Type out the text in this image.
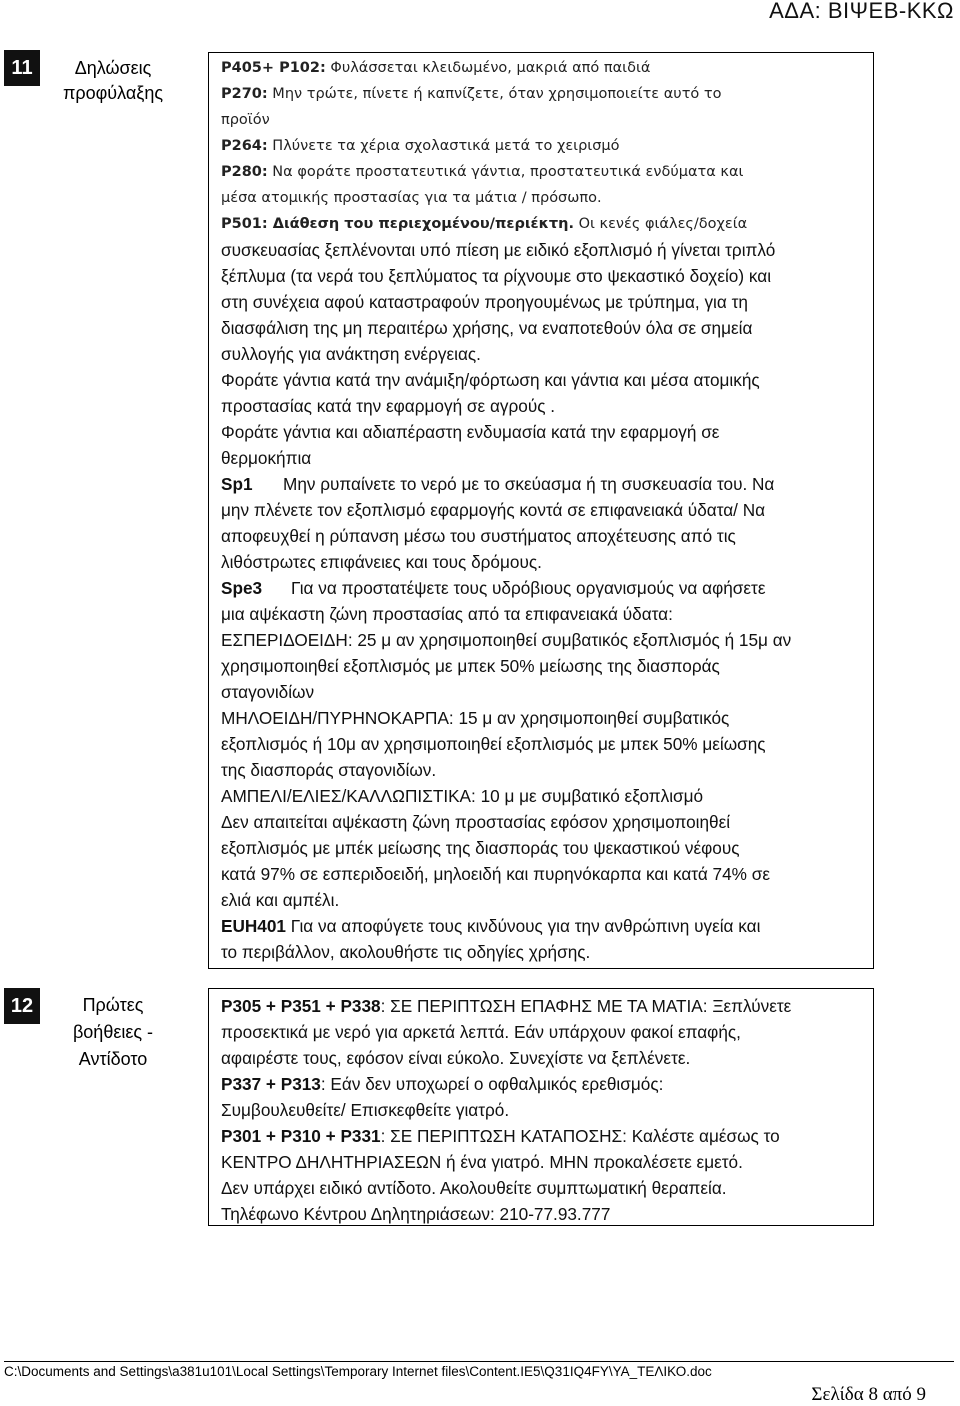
ΑΔΑ: ΒΙΨΕΒ-ΚΚΩ
11	Δηλώσεις
προφύλαξης
P405+ P102: Φυλάσσεται κλειδωμένο, μακριά από παιδιά
P270: Μην τρώτε, πίνετε ή καπνίζετε, όταν χρησιμοποιείτε αυτό το
προϊόν
P264: Πλύνετε τα χέρια σχολαστικά μετά το χειρισμό
P280: Να φοράτε προστατευτικά γάντια, προστατευτικά ενδύματα και
μέσα ατομικής προστασίας για τα μάτια / πρόσωπο.
P501: Διάθεση του περιεχομένου/περιέκτη. Οι κενές φιάλες/δοχεία
συσκευασίας ξεπλένονται υπό πίεση με ειδικό εξοπλισμό ή γίνεται τριπλό
ξέπλυμα (τα νερά του ξεπλύματος τα ρίχνουμε στο ψεκαστικό δοχείο) και
στη συνέχεια αφού καταστραφούν προηγουμένως με τρύπημα, για τη
διασφάλιση της μη περαιτέρω χρήσης, να εναποτεθούν όλα σε σημεία
συλλογής για ανάκτηση ενέργειας.
Φοράτε γάντια κατά την ανάμιξη/φόρτωση και γάντια και μέσα ατομικής
προστασίας κατά την εφαρμογή σε αγρούς .
Φοράτε γάντια και αδιαπέραστη ενδυμασία κατά την εφαρμογή σε
θερμοκήπια
Sp1 Μην ρυπαίνετε το νερό με το σκεύασμα ή τη συσκευασία του. Να
μην πλένετε τον εξοπλισμό εφαρμογής κοντά σε επιφανειακά ύδατα/ Να
αποφευχθεί η ρύπανση μέσω του συστήματος αποχέτευσης από τις
λιθόστρωτες επιφάνειες και τους δρόμους.
Spe3 Για να προστατέψετε τους υδρόβιους οργανισμούς να αφήσετε
μια αψέκαστη ζώνη προστασίας από τα επιφανειακά ύδατα:
ΕΣΠΕΡΙΔΟΕΙΔΗ: 25 μ αν χρησιμοποιηθεί συμβατικός εξοπλισμός ή 15μ αν
χρησιμοποιηθεί εξοπλισμός με μπεκ 50% μείωσης της διασποράς
σταγονιδίων
ΜΗΛΟΕΙΔΗ/ΠΥΡΗΝΟΚΑΡΠΑ: 15 μ αν χρησιμοποιηθεί συμβατικός
εξοπλισμός ή 10μ αν χρησιμοποιηθεί εξοπλισμός με μπεκ 50% μείωσης
της διασποράς σταγονιδίων.
ΑΜΠΕΛΙ/ΕΛΙΕΣ/ΚΑΛΛΩΠΙΣΤΙΚΑ: 10 μ με συμβατικό εξοπλισμό
Δεν απαιτείται αψέκαστη ζώνη προστασίας εφόσον χρησιμοποιηθεί
εξοπλισμός με μπέκ μείωσης της διασποράς του ψεκαστικού νέφους
κατά 97% σε εσπεριδοειδή, μηλοειδή και πυρηνόκαρπα και κατά 74% σε
ελιά και αμπέλι.
EUH401 Για να αποφύγετε τους κινδύνους για την ανθρώπινη υγεία και
το περιβάλλον, ακολουθήστε τις οδηγίες χρήσης.
12	Πρώτες
βοήθειες -
Αντίδοτο
P305 + P351 + P338: ΣΕ ΠΕΡΙΠΤΩΣΗ ΕΠΑΦΗΣ ΜΕ ΤΑ ΜΑΤΙΑ: Ξεπλύνετε
προσεκτικά με νερό για αρκετά λεπτά. Εάν υπάρχουν φακοί επαφής,
αφαιρέστε τους, εφόσον είναι εύκολο. Συνεχίστε να ξεπλένετε.
P337 + P313: Εάν δεν υποχωρεί ο οφθαλμικός ερεθισμός:
Συμβουλευθείτε/ Επισκεφθείτε γιατρό.
P301 + P310 + P331: ΣΕ ΠΕΡΙΠΤΩΣΗ ΚΑΤΑΠΟΣΗΣ: Καλέστε αμέσως το
ΚΕΝΤΡΟ ΔΗΛΗΤΗΡΙΑΣΕΩΝ ή ένα γιατρό. ΜΗΝ προκαλέσετε εμετό.
Δεν υπάρχει ειδικό αντίδοτο. Ακολουθείτε συμπτωματική θεραπεία.
Τηλέφωνο Κέντρου Δηλητηριάσεων: 210-77.93.777
C:\Documents and Settings\a381u101\Local Settings\Temporary Internet files\Content.IE5\Q31IQ4FY\ΥΑ_ΤΕΛΙΚΟ.doc
Σελίδα 8 από 9
